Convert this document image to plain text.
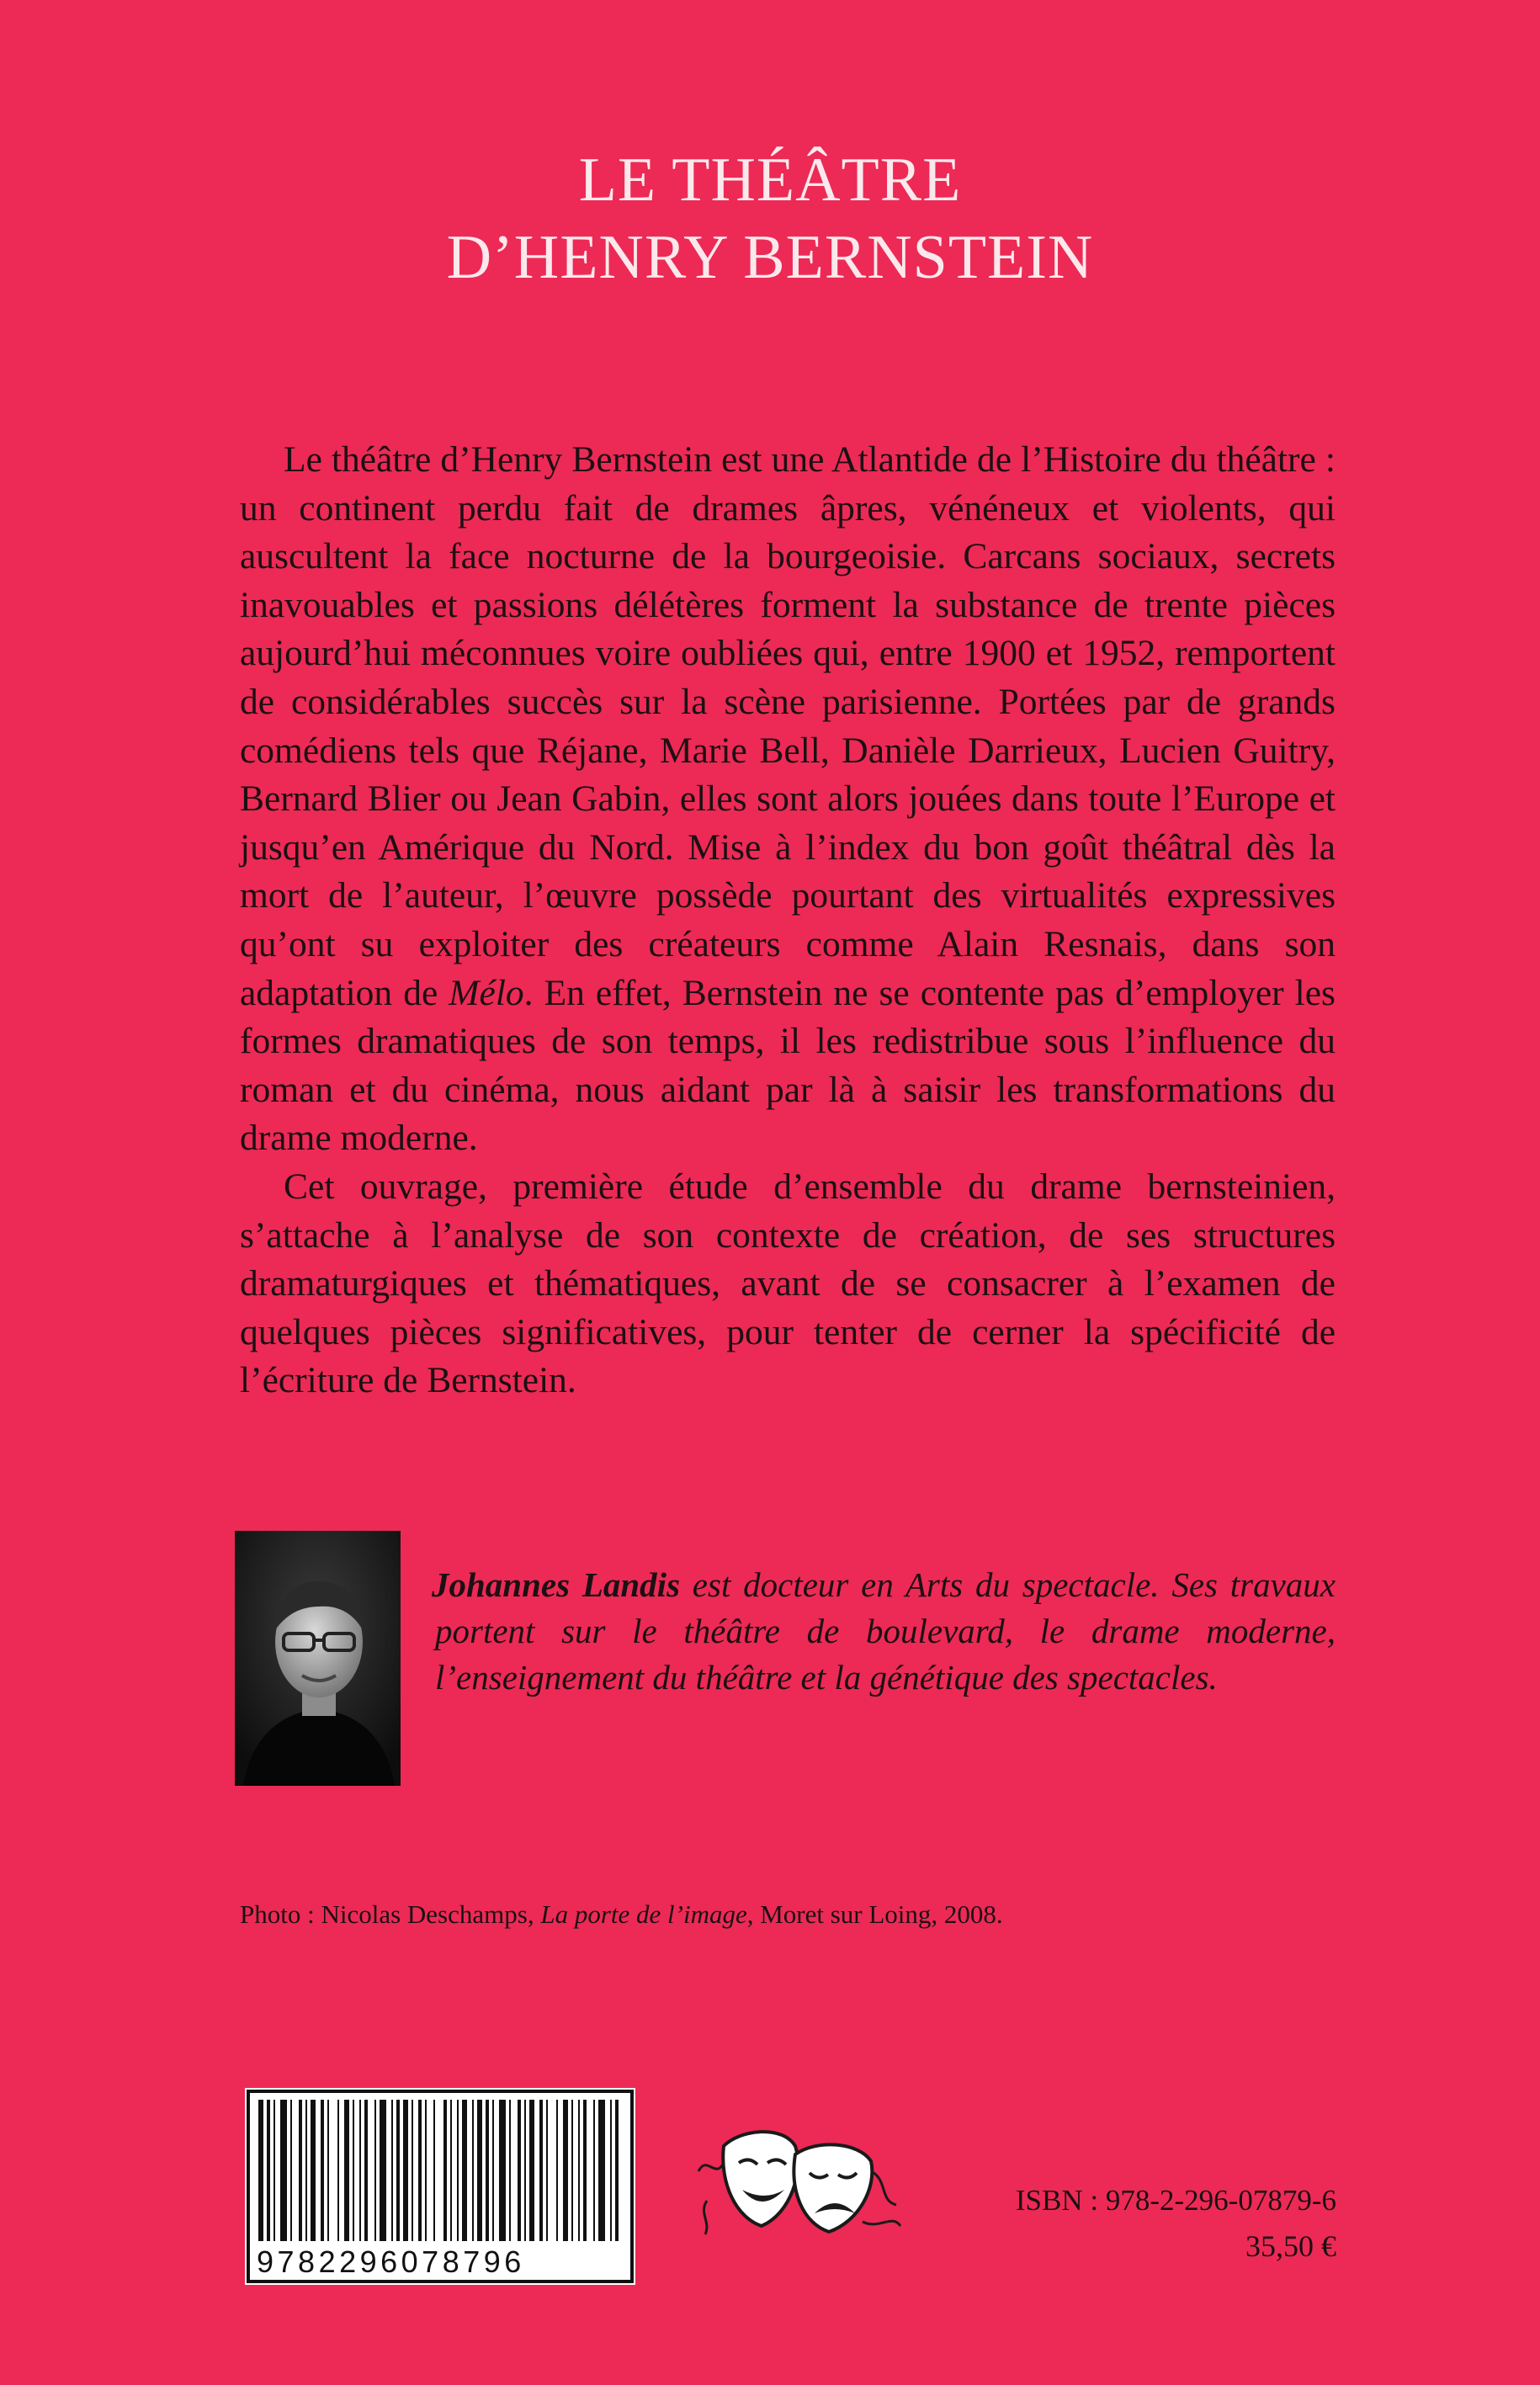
LE THÉÂTRE
D’HENRY BERNSTEIN

Le théâtre d’Henry Bernstein est une Atlantide de l’Histoire du théâtre : un continent perdu fait de drames âpres, vénéneux et violents, qui auscultent la face nocturne de la bourgeoisie. Carcans sociaux, secrets inavouables et passions délétères forment la substance de trente pièces aujourd’hui méconnues voire oubliées qui, entre 1900 et 1952, remportent de considérables succès sur la scène parisienne. Portées par de grands comédiens tels que Réjane, Marie Bell, Danièle Darrieux, Lucien Guitry, Bernard Blier ou Jean Gabin, elles sont alors jouées dans toute l’Europe et jusqu’en Amérique du Nord. Mise à l’index du bon goût théâtral dès la mort de l’auteur, l’œuvre possède pourtant des virtualités expressives qu’ont su exploiter des créateurs comme Alain Resnais, dans son adaptation de Mélo. En effet, Bernstein ne se contente pas d’employer les formes dramatiques de son temps, il les redistribue sous l’influence du roman et du cinéma, nous aidant par là à saisir les transformations du drame moderne.

Cet ouvrage, première étude d’ensemble du drame bernsteinien, s’attache à l’analyse de son contexte de création, de ses structures dramaturgiques et thématiques, avant de se consacrer à l’examen de quelques pièces significatives, pour tenter de cerner la spécificité de l’écriture de Bernstein.

Johannes Landis est docteur en Arts du spectacle. Ses travaux portent sur le théâtre de boulevard, le drame moderne, l’enseignement du théâtre et la génétique des spectacles.
Photo : Nicolas Deschamps, La porte de l’image, Moret sur Loing, 2008.
9782296078796
ISBN : 978-2-296-07879-6
35,50 €
